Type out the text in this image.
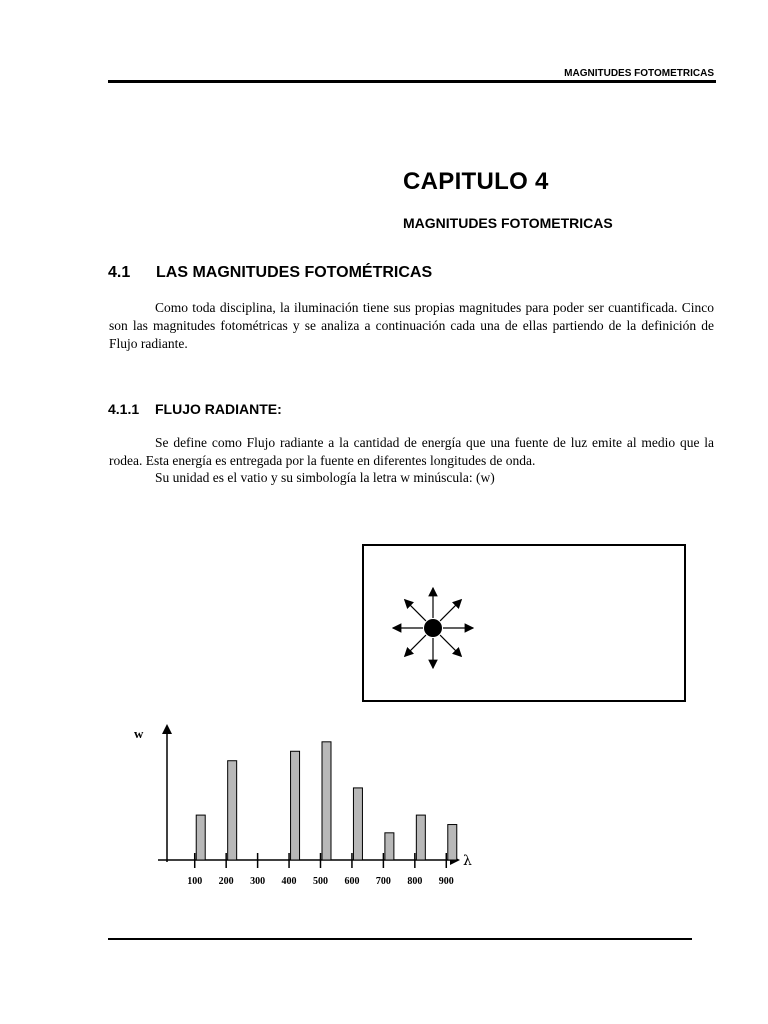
MAGNITUDES FOTOMETRICAS
CAPITULO 4
MAGNITUDES FOTOMETRICAS
4.1 LAS MAGNITUDES FOTOMÉTRICAS

Como toda disciplina, la iluminación tiene sus propias magnitudes para poder ser cuantificada. Cinco son las magnitudes fotométricas y se analiza a continuación cada una de ellas partiendo de la definición de Flujo radiante.

4.1.1 FLUJO RADIANTE:

Se define como Flujo radiante a la cantidad de energía que una fuente de luz emite al medio que la rodea. Esta energía es entregada por la fuente en diferentes longitudes de onda.

Su unidad es el vatio y su simbología la letra w minúscula: (w)

w
λ
100 200 300 400 500 600 700 800 900
